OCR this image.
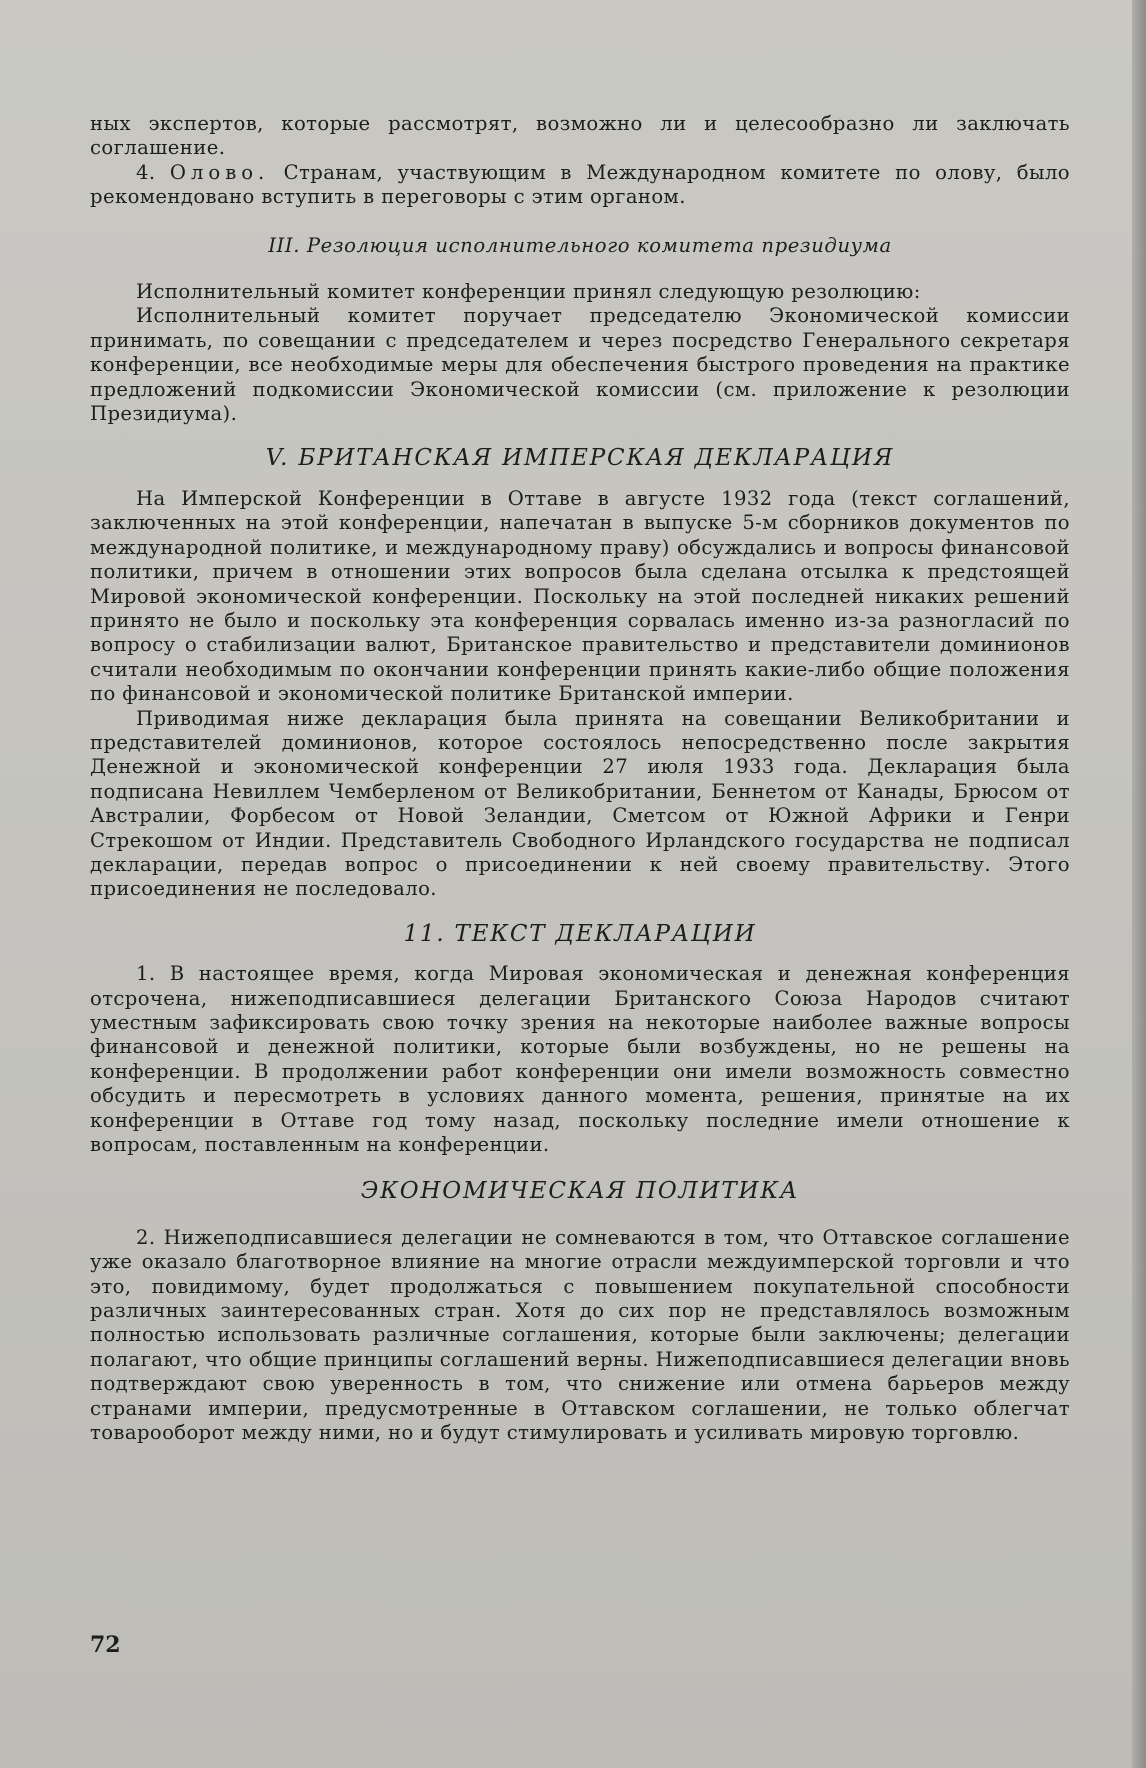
ных экспертов, которые рассмотрят, возможно ли и целесообразно ли заключать соглашение.

4. Олово. Странам, участвующим в Международном комитете по олову, было рекомендовано вступить в переговоры с этим органом.

III. Резолюция исполнительного комитета президиума

Исполнительный комитет конференции принял следующую резолюцию:

Исполнительный комитет поручает председателю Экономической комиссии принимать, по совещании с председателем и через посредство Генерального секретаря конференции, все необходимые меры для обеспечения быстрого проведения на практике предложений подкомиссии Экономической комиссии (см. приложение к резолюции Президиума).

V. БРИТАНСКАЯ ИМПЕРСКАЯ ДЕКЛАРАЦИЯ

На Имперской Конференции в Оттаве в августе 1932 года (текст соглашений, заключенных на этой конференции, напечатан в выпуске 5-м сборников документов по международной политике, и международному праву) обсуждались и вопросы финансовой политики, причем в отношении этих вопросов была сделана отсылка к предстоящей Мировой экономической конференции. Поскольку на этой последней никаких решений принято не было и поскольку эта конференция сорвалась именно из-за разногласий по вопросу о стабилизации валют, Британское правительство и представители доминионов считали необходимым по окончании конференции принять какие-либо общие положения по финансовой и экономической политике Британской империи.

Приводимая ниже декларация была принята на совещании Великобритании и представителей доминионов, которое состоялось непосредственно после закрытия Денежной и экономической конференции 27 июля 1933 года. Декларация была подписана Невиллем Чемберленом от Великобритании, Беннетом от Канады, Брюсом от Австралии, Форбесом от Новой Зеландии, Сметсом от Южной Африки и Генри Стрекошом от Индии. Представитель Свободного Ирландского государства не подписал декларации, передав вопрос о присоединении к ней своему правительству. Этого присоединения не последовало.

11. ТЕКСТ ДЕКЛАРАЦИИ

1. В настоящее время, когда Мировая экономическая и денежная конференция отсрочена, нижеподписавшиеся делегации Британского Союза Народов считают уместным зафиксировать свою точку зрения на некоторые наиболее важные вопросы финансовой и денежной политики, которые были возбуждены, но не решены на конференции. В продолжении работ конференции они имели возможность совместно обсудить и пересмотреть в условиях данного момента, решения, принятые на их конференции в Оттаве год тому назад, поскольку последние имели отношение к вопросам, поставленным на конференции.

ЭКОНОМИЧЕСКАЯ ПОЛИТИКА

2. Нижеподписавшиеся делегации не сомневаются в том, что Оттавское соглашение уже оказало благотворное влияние на многие отрасли междуимперской торговли и что это, повидимому, будет продолжаться с повышением покупательной способности различных заинтересованных стран. Хотя до сих пор не представлялось возможным полностью использовать различные соглашения, которые были заключены; делегации полагают, что общие принципы соглашений верны. Нижеподписавшиеся делегации вновь подтверждают свою уверенность в том, что снижение или отмена барьеров между странами империи, предусмотренные в Оттавском соглашении, не только облегчат товарооборот между ними, но и будут стимулировать и усиливать мировую торговлю.

72
